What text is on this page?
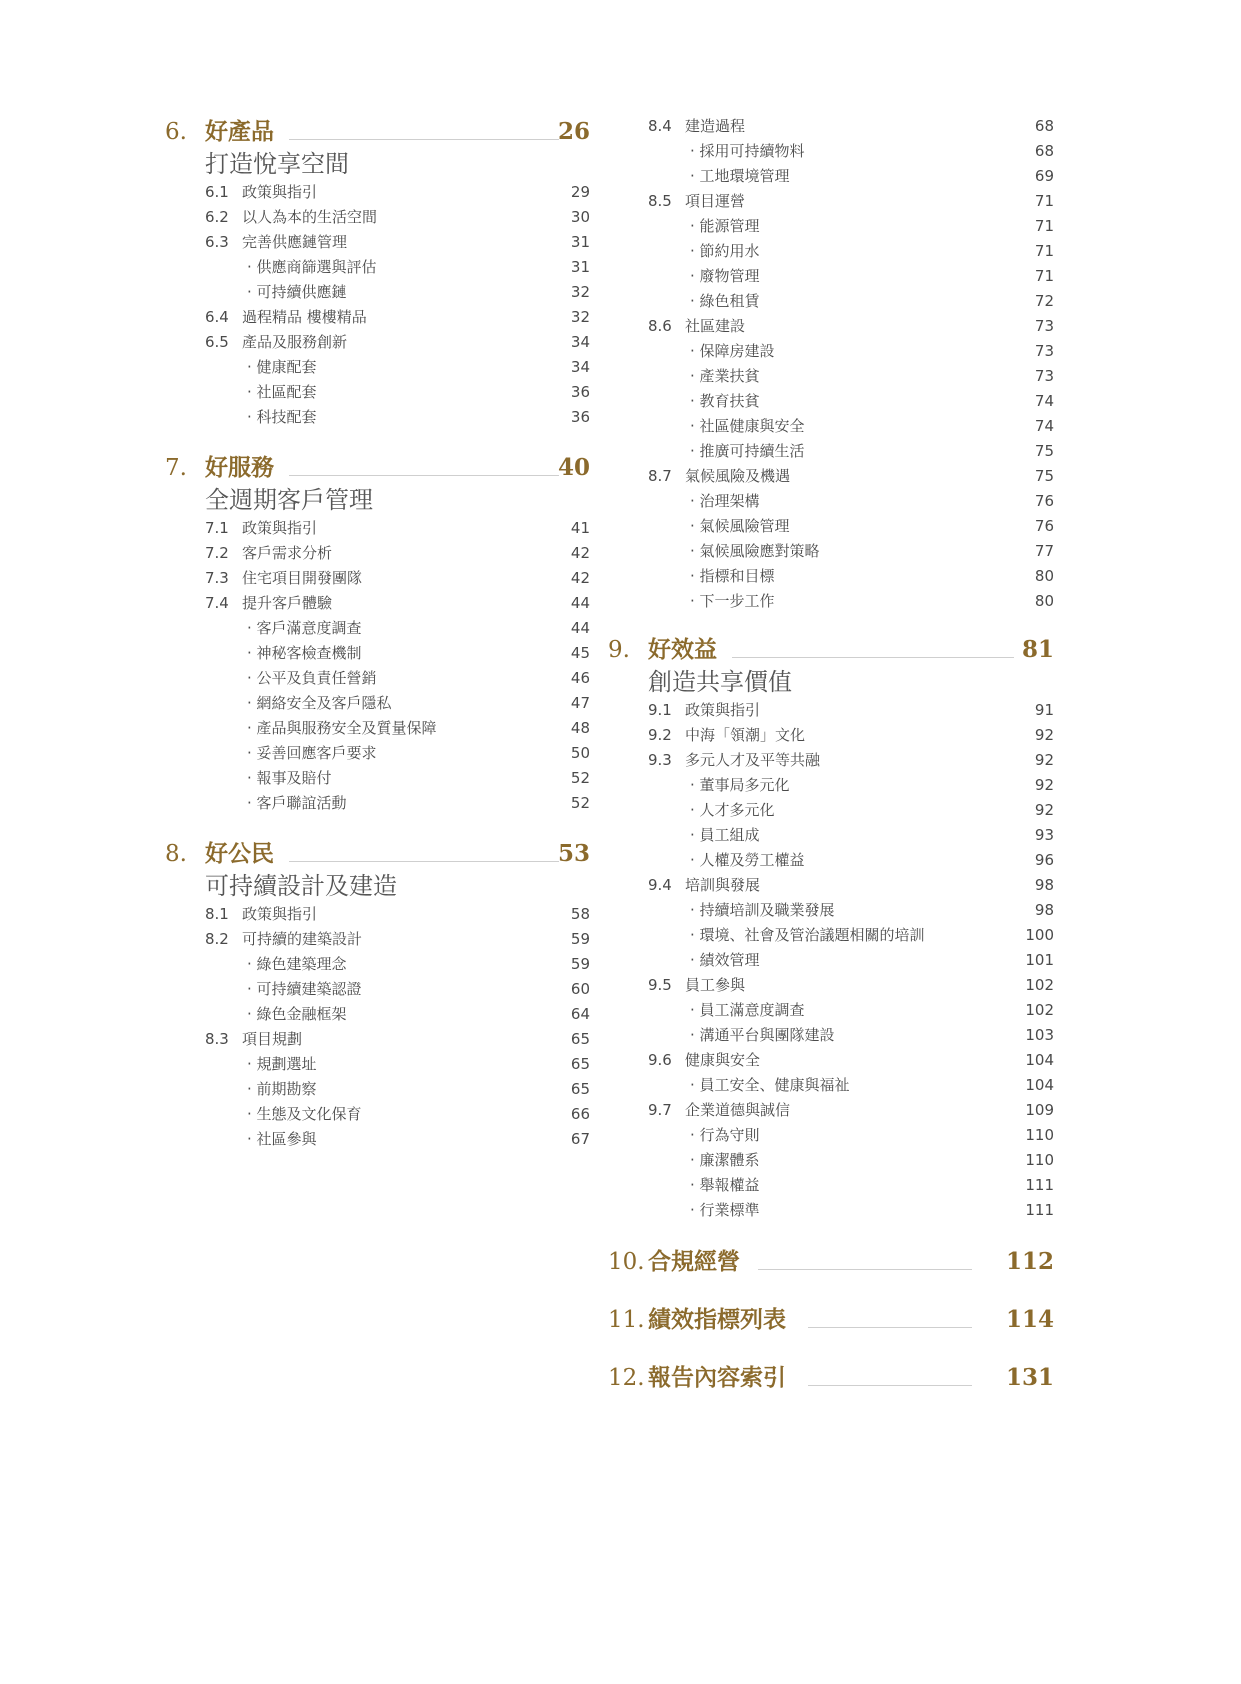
6. 好產品	26
打造悅享空間
6.1 政策與指引	29
6.2 以人為本的生活空間	30
6.3 完善供應鏈管理	31
· 供應商篩選與評估	31
· 可持續供應鏈	32
6.4 過程精品 樓樓精品	32
6.5 產品及服務創新	34
· 健康配套	34
· 社區配套	36
· 科技配套	36
7. 好服務	40
全週期客戶管理
7.1 政策與指引	41
7.2 客戶需求分析	42
7.3 住宅項目開發團隊	42
7.4 提升客戶體驗	44
· 客戶滿意度調查	44
· 神秘客檢查機制	45
· 公平及負責任營銷	46
· 網絡安全及客戶隱私	47
· 產品與服務安全及質量保障	48
· 妥善回應客戶要求	50
· 報事及賠付	52
· 客戶聯誼活動	52
8. 好公民	53
可持續設計及建造
8.1 政策與指引	58
8.2 可持續的建築設計	59
· 綠色建築理念	59
· 可持續建築認證	60
· 綠色金融框架	64
8.3 項目規劃	65
· 規劃選址	65
· 前期勘察	65
· 生態及文化保育	66
· 社區參與	67
8.4 建造過程	68
· 採用可持續物料	68
· 工地環境管理	69
8.5 項目運營	71
· 能源管理	71
· 節約用水	71
· 廢物管理	71
· 綠色租賃	72
8.6 社區建設	73
· 保障房建設	73
· 產業扶貧	73
· 教育扶貧	74
· 社區健康與安全	74
· 推廣可持續生活	75
8.7 氣候風險及機遇	75
· 治理架構	76
· 氣候風險管理	76
· 氣候風險應對策略	77
· 指標和目標	80
· 下一步工作	80
9. 好效益	81
創造共享價值
9.1 政策與指引	91
9.2 中海「領潮」文化	92
9.3 多元人才及平等共融	92
· 董事局多元化	92
· 人才多元化	92
· 員工組成	93
· 人權及勞工權益	96
9.4 培訓與發展	98
· 持續培訓及職業發展	98
· 環境、社會及管治議題相關的培訓	100
· 績效管理	101
9.5 員工參與	102
· 員工滿意度調查	102
· 溝通平台與團隊建設	103
9.6 健康與安全	104
· 員工安全、健康與福祉	104
9.7 企業道德與誠信	109
· 行為守則	110
· 廉潔體系	110
· 舉報權益	111
· 行業標準	111
10. 合規經營	112
11. 績效指標列表	114
12. 報告內容索引	131
